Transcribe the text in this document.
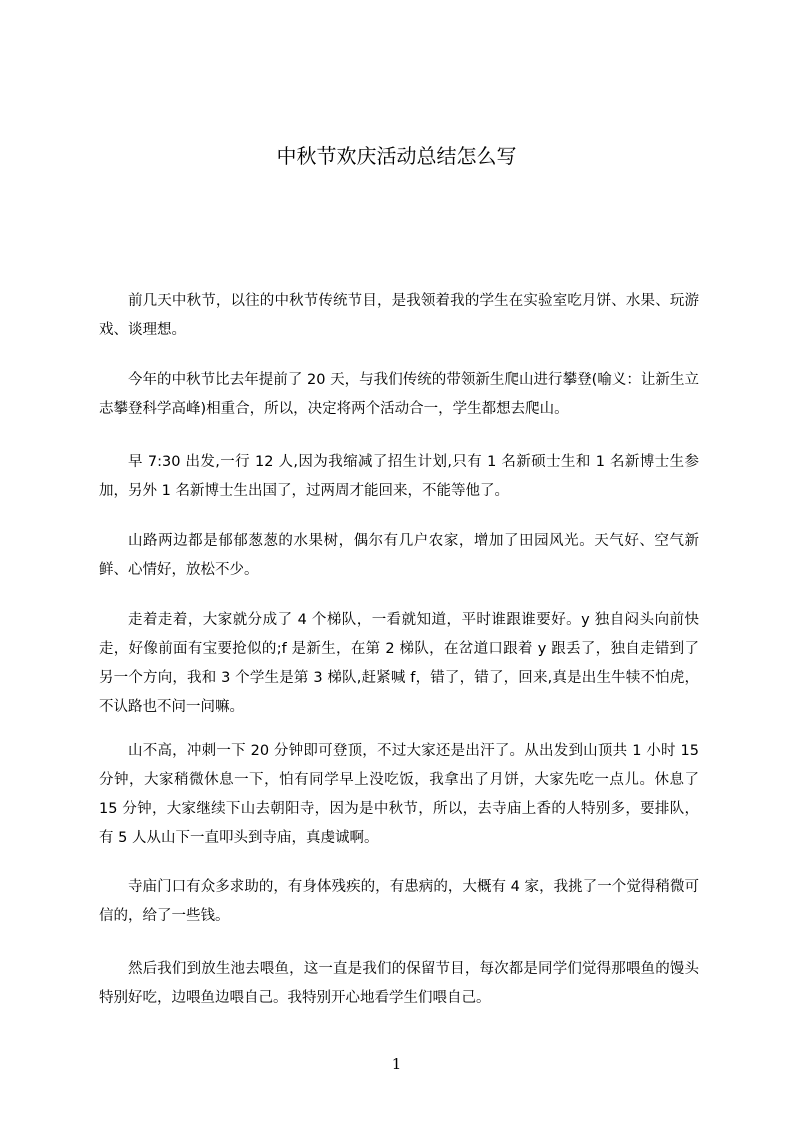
中秋节欢庆活动总结怎么写

前几天中秋节，以往的中秋节传统节目，是我领着我的学生在实验室吃月饼、水果、玩游戏、谈理想。

今年的中秋节比去年提前了 20 天，与我们传统的带领新生爬山进行攀登(喻义：让新生立志攀登科学高峰)相重合，所以，决定将两个活动合一，学生都想去爬山。

早 7:30 出发,一行 12 人,因为我缩减了招生计划,只有 1 名新硕士生和 1 名新博士生参加，另外 1 名新博士生出国了，过两周才能回来，不能等他了。

山路两边都是郁郁葱葱的水果树，偶尔有几户农家，增加了田园风光。天气好、空气新鲜、心情好，放松不少。

走着走着，大家就分成了 4 个梯队，一看就知道，平时谁跟谁要好。y 独自闷头向前快走，好像前面有宝要抢似的;f 是新生，在第 2 梯队，在岔道口跟着 y 跟丢了，独自走错到了另一个方向，我和 3 个学生是第 3 梯队,赶紧喊 f，错了，错了，回来,真是出生牛犊不怕虎，不认路也不问一问嘛。

山不高，冲刺一下 20 分钟即可登顶，不过大家还是出汗了。从出发到山顶共 1 小时 15 分钟，大家稍微休息一下，怕有同学早上没吃饭，我拿出了月饼，大家先吃一点儿。休息了 15 分钟，大家继续下山去朝阳寺，因为是中秋节，所以，去寺庙上香的人特别多，要排队，有 5 人从山下一直叩头到寺庙，真虔诚啊。

寺庙门口有众多求助的，有身体残疾的，有患病的，大概有 4 家，我挑了一个觉得稍微可信的，给了一些钱。

然后我们到放生池去喂鱼，这一直是我们的保留节目，每次都是同学们觉得那喂鱼的馒头特别好吃，边喂鱼边喂自己。我特别开心地看学生们喂自己。

1
